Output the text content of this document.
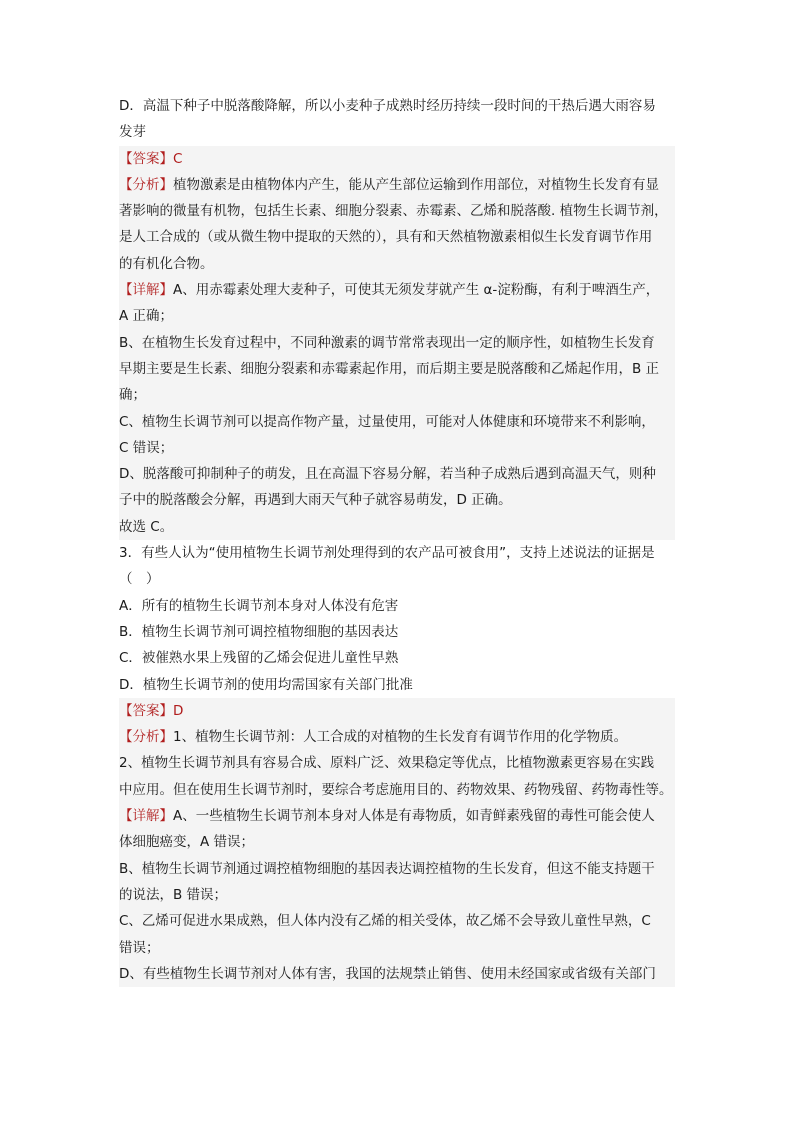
D．高温下种子中脱落酸降解，所以小麦种子成熟时经历持续一段时间的干热后遇大雨容易
发芽
【答案】C
【分析】植物激素是由植物体内产生，能从产生部位运输到作用部位，对植物生长发育有显
著影响的微量有机物，包括生长素、细胞分裂素、赤霉素、乙烯和脱落酸. 植物生长调节剂，
是人工合成的（或从微生物中提取的天然的），具有和天然植物激素相似生长发育调节作用
的有机化合物。
【详解】A、用赤霉素处理大麦种子，可使其无须发芽就产生 α-淀粉酶，有利于啤酒生产，
A 正确；
B、在植物生长发育过程中，不同种激素的调节常常表现出一定的顺序性，如植物生长发育
早期主要是生长素、细胞分裂素和赤霉素起作用，而后期主要是脱落酸和乙烯起作用，B 正
确；
C、植物生长调节剂可以提高作物产量，过量使用，可能对人体健康和环境带来不利影响，
C 错误；
D、脱落酸可抑制种子的萌发，且在高温下容易分解，若当种子成熟后遇到高温天气，则种
子中的脱落酸会分解，再遇到大雨天气种子就容易萌发，D 正确。
故选 C。
3．有些人认为“使用植物生长调节剂处理得到的农产品可被食用”，支持上述说法的证据是
（　）
A．所有的植物生长调节剂本身对人体没有危害
B．植物生长调节剂可调控植物细胞的基因表达
C．被催熟水果上残留的乙烯会促进儿童性早熟
D．植物生长调节剂的使用均需国家有关部门批准
【答案】D
【分析】1、植物生长调节剂：人工合成的对植物的生长发育有调节作用的化学物质。
2、植物生长调节剂具有容易合成、原料广泛、效果稳定等优点，比植物激素更容易在实践
中应用。但在使用生长调节剂时，要综合考虑施用目的、药物效果、药物残留、药物毒性等。
【详解】A、一些植物生长调节剂本身对人体是有毒物质，如青鲜素残留的毒性可能会使人
体细胞癌变，A 错误；
B、植物生长调节剂通过调控植物细胞的基因表达调控植物的生长发育，但这不能支持题干
的说法，B 错误；
C、乙烯可促进水果成熟，但人体内没有乙烯的相关受体，故乙烯不会导致儿童性早熟，C
错误；
D、有些植物生长调节剂对人体有害，我国的法规禁止销售、使用未经国家或省级有关部门
